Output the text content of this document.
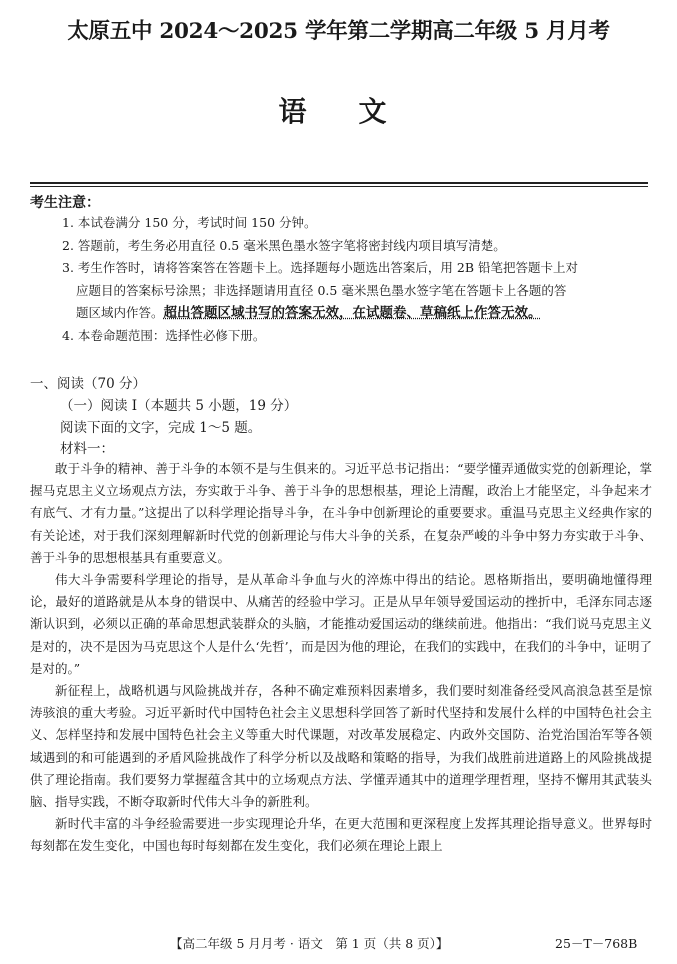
太原五中 2024～2025 学年第二学期高二年级 5 月月考
语文
考生注意：
1. 本试卷满分 150 分，考试时间 150 分钟。
2. 答题前，考生务必用直径 0.5 毫米黑色墨水签字笔将密封线内项目填写清楚。
3. 考生作答时，请将答案答在答题卡上。选择题每小题选出答案后，用 2B 铅笔把答题卡上对
应题目的答案标号涂黑；非选择题请用直径 0.5 毫米黑色墨水签字笔在答题卡上各题的答
题区域内作答。超出答题区域书写的答案无效，在试题卷、草稿纸上作答无效。
4. 本卷命题范围：选择性必修下册。
一、阅读（70 分）
（一）阅读 Ⅰ（本题共 5 小题，19 分）
阅读下面的文字，完成 1～5 题。
材料一：

敢于斗争的精神、善于斗争的本领不是与生俱来的。习近平总书记指出：“要学懂弄通做实党的创新理论，掌握马克思主义立场观点方法，夯实敢于斗争、善于斗争的思想根基，理论上清醒，政治上才能坚定，斗争起来才有底气、才有力量。”这提出了以科学理论指导斗争，在斗争中创新理论的重要要求。重温马克思主义经典作家的有关论述，对于我们深刻理解新时代党的创新理论与伟大斗争的关系，在复杂严峻的斗争中努力夯实敢于斗争、善于斗争的思想根基具有重要意义。

伟大斗争需要科学理论的指导，是从革命斗争血与火的淬炼中得出的结论。恩格斯指出，要明确地懂得理论，最好的道路就是从本身的错误中、从痛苦的经验中学习。正是从早年领导爱国运动的挫折中，毛泽东同志逐渐认识到，必须以正确的革命思想武装群众的头脑，才能推动爱国运动的继续前进。他指出：“我们说马克思主义是对的，决不是因为马克思这个人是什么‘先哲’，而是因为他的理论，在我们的实践中，在我们的斗争中，证明了是对的。”

新征程上，战略机遇与风险挑战并存，各种不确定难预料因素增多，我们要时刻准备经受风高浪急甚至是惊涛骇浪的重大考验。习近平新时代中国特色社会主义思想科学回答了新时代坚持和发展什么样的中国特色社会主义、怎样坚持和发展中国特色社会主义等重大时代课题，对改革发展稳定、内政外交国防、治党治国治军等各领域遇到的和可能遇到的矛盾风险挑战作了科学分析以及战略和策略的指导，为我们战胜前进道路上的风险挑战提供了理论指南。我们要努力掌握蕴含其中的立场观点方法、学懂弄通其中的道理学理哲理，坚持不懈用其武装头脑、指导实践，不断夺取新时代伟大斗争的新胜利。

新时代丰富的斗争经验需要进一步实现理论升华，在更大范围和更深程度上发挥其理论指导意义。世界每时每刻都在发生变化，中国也每时每刻都在发生变化，我们必须在理论上跟上

【高二年级 5 月月考 · 语文　第 1 页（共 8 页）】	25－T－768B
